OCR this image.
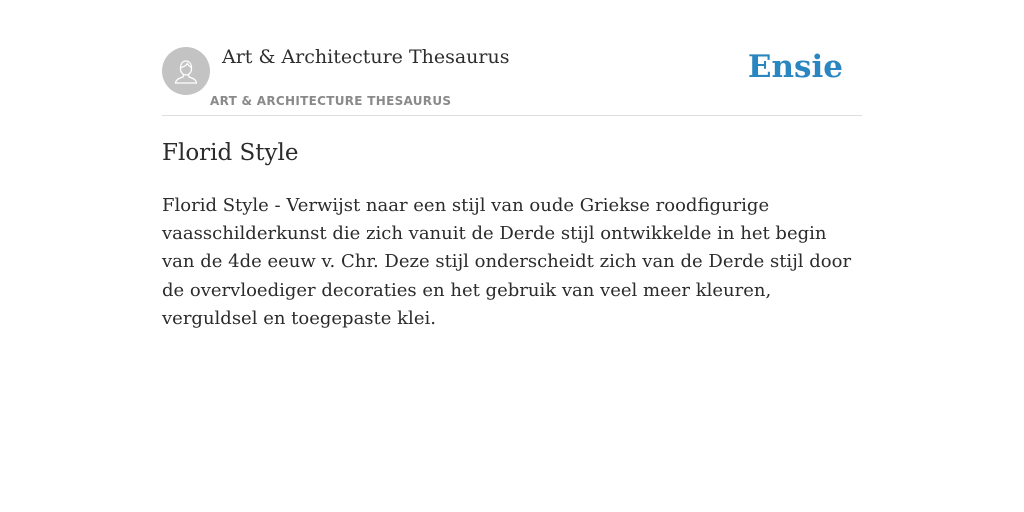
Art & Architecture Thesaurus
ART & ARCHITECTURE THESAURUS
Ensie
Florid Style

Florid Style - Verwijst naar een stijl van oude Griekse roodfigurige vaasschilderkunst die zich vanuit de Derde stijl ontwikkelde in het begin van de 4de eeuw v. Chr. Deze stijl onderscheidt zich van de Derde stijl door de overvloediger decoraties en het gebruik van veel meer kleuren, verguldsel en toegepaste klei.
